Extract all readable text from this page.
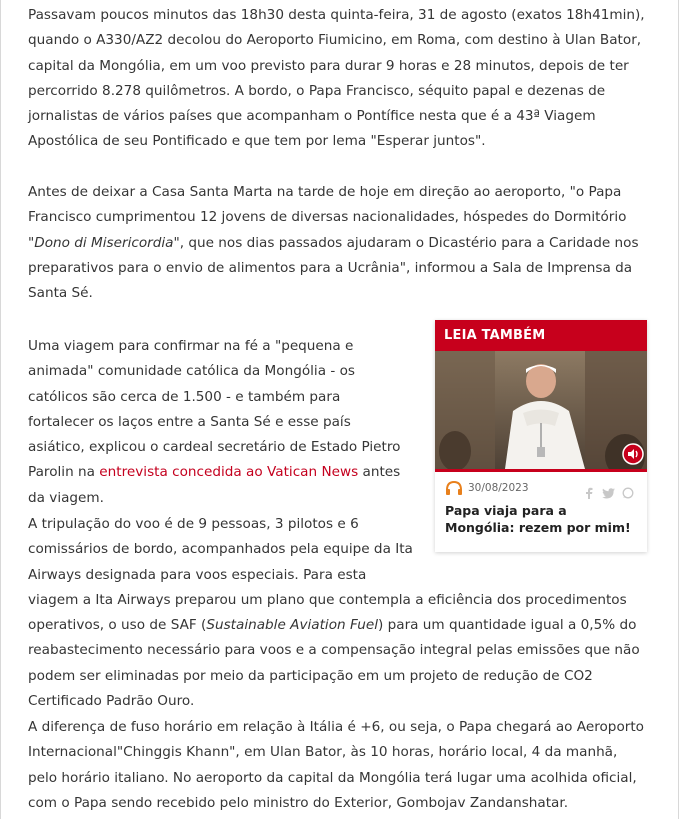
Passavam poucos minutos das 18h30 desta quinta-feira, 31 de agosto (exatos 18h41min), quando o A330/AZ2 decolou do Aeroporto Fiumicino, em Roma, com destino à Ulan Bator, capital da Mongólia, em um voo previsto para durar 9 horas e 28 minutos, depois de ter percorrido 8.278 quilômetros. A bordo, o Papa Francisco, séquito papal e dezenas de jornalistas de vários países que acompanham o Pontífice nesta que é a 43ª Viagem Apostólica de seu Pontificado e que tem por lema "Esperar juntos".

Antes de deixar a Casa Santa Marta na tarde de hoje em direção ao aeroporto, "o Papa Francisco cumprimentou 12 jovens de diversas nacionalidades, hóspedes do Dormitório "Dono di Misericordia", que nos dias passados ajudaram o Dicastério para a Caridade nos preparativos para o envio de alimentos para a Ucrânia", informou a Sala de Imprensa da Santa Sé.

Uma viagem para confirmar na fé a "pequena e animada" comunidade católica da Mongólia - os católicos são cerca de 1.500 - e também para fortalecer os laços entre a Santa Sé e esse país asiático, explicou o cardeal secretário de Estado Pietro Parolin na entrevista concedida ao Vatican News antes da viagem.

A tripulação do voo é de 9 pessoas, 3 pilotos e 6 comissários de bordo, acompanhados pela equipe da Ita Airways designada para voos especiais. Para esta viagem a Ita Airways preparou um plano que contempla a eficiência dos procedimentos operativos, o uso de SAF (Sustainable Aviation Fuel) para um quantidade igual a 0,5% do reabastecimento necessário para voos e a compensação integral pelas emissões que não podem ser eliminadas por meio da participação em um projeto de redução de CO2 Certificado Padrão Ouro.

A diferença de fuso horário em relação à Itália é +6, ou seja, o Papa chegará ao Aeroporto Internacional"Chinggis Khann", em Ulan Bator, às 10 horas, horário local, 4 da manhã, pelo horário italiano. No aeroporto da capital da Mongólia terá lugar uma acolhida oficial, com o Papa sendo recebido pelo ministro do Exterior, Gombojav Zandanshatar.

LEIA TAMBÉM
30/08/2023
Papa viaja para a Mongólia: rezem por mim!
